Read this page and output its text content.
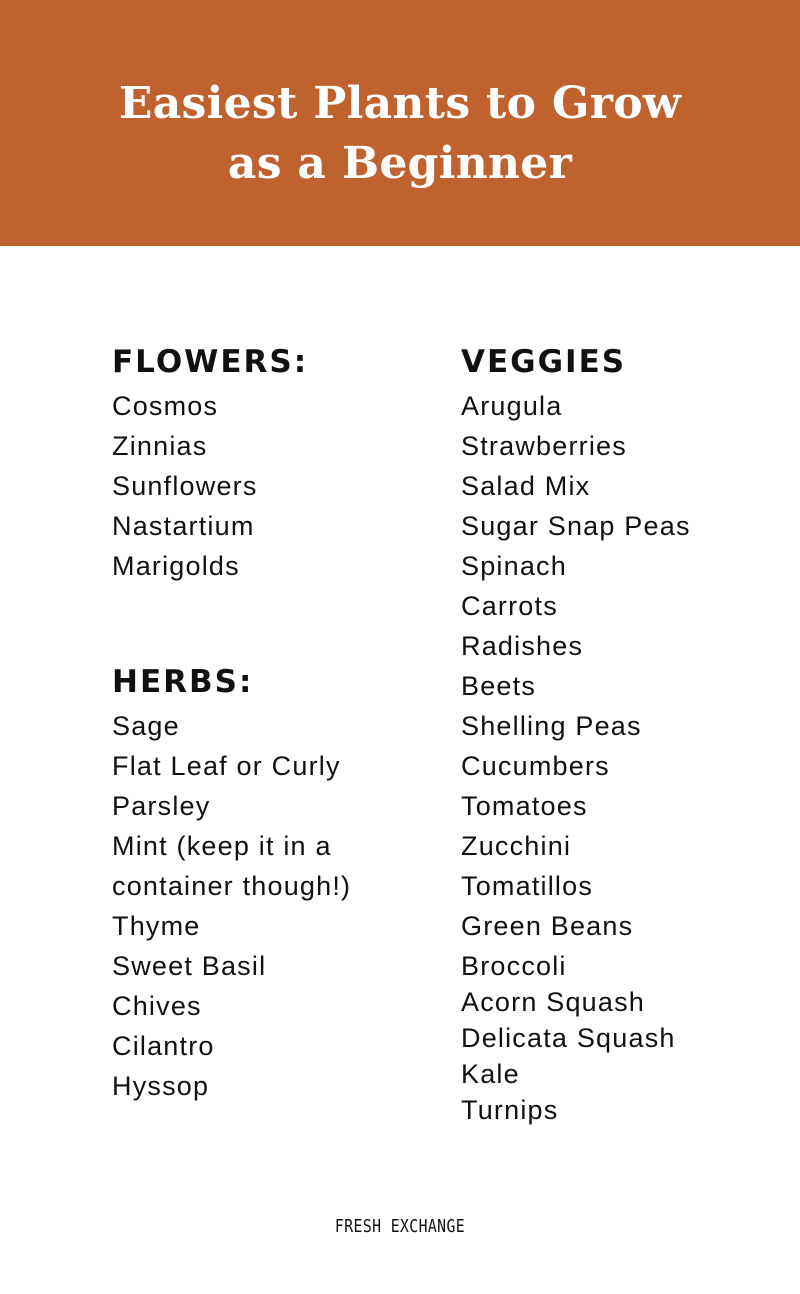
Easiest Plants to Grow
as a Beginner
FLOWERS:
Cosmos
Zinnias
Sunflowers
Nastartium
Marigolds
HERBS:
Sage
Flat Leaf or Curly
Parsley
Mint (keep it in a
container though!)
Thyme
Sweet Basil
Chives
Cilantro
Hyssop
VEGGIES
Arugula
Strawberries
Salad Mix
Sugar Snap Peas
Spinach
Carrots
Radishes
Beets
Shelling Peas
Cucumbers
Tomatoes
Zucchini
Tomatillos
Green Beans
Broccoli
Acorn Squash
Delicata Squash
Kale
Turnips
FRESH EXCHANGE
